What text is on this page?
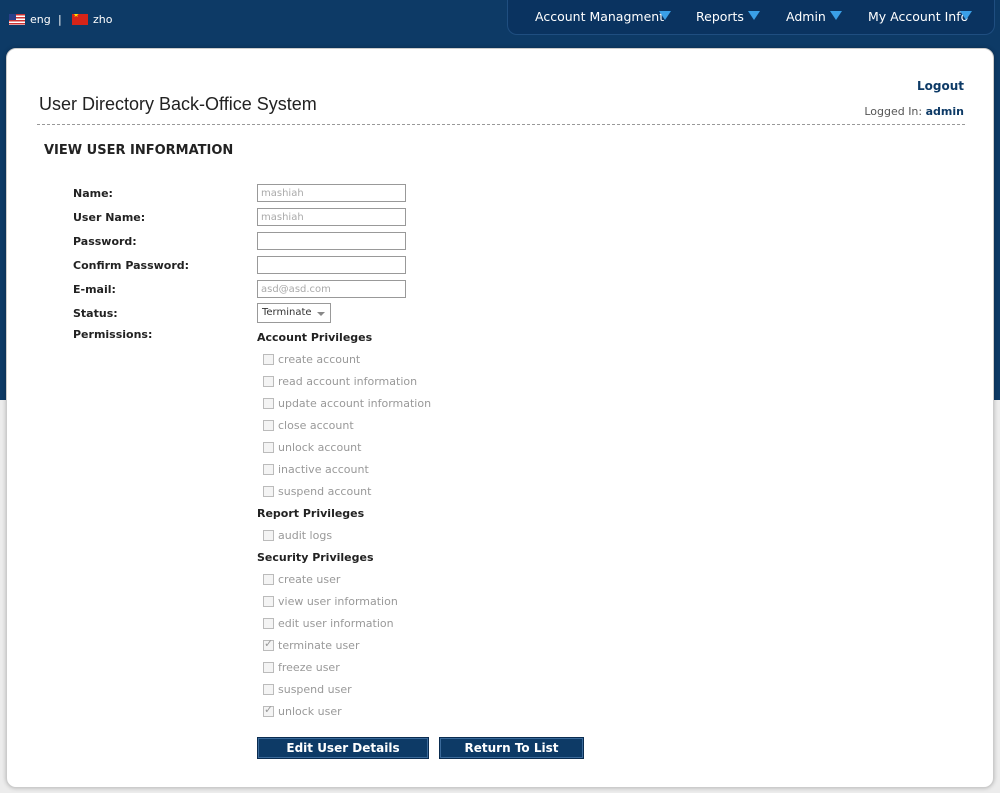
eng |
★	zho	Account Managment	Reports	Admin	My Account Info
User Directory Back-Office System
Logout
Logged In: admin
VIEW USER INFORMATION
Name:
mashiah
User Name:
mashiah
Password:
Confirm Password:
E-mail:
asd@asd.com
Status:	Terminate
Permissions:	Account Privileges
create account
read account information
update account information
close account
unlock account
inactive account
suspend account
Report Privileges
audit logs
Security Privileges
create user
view user information
edit user information
✓
terminate user
freeze user
suspend user
✓
unlock user
Edit User Details	Return To List
